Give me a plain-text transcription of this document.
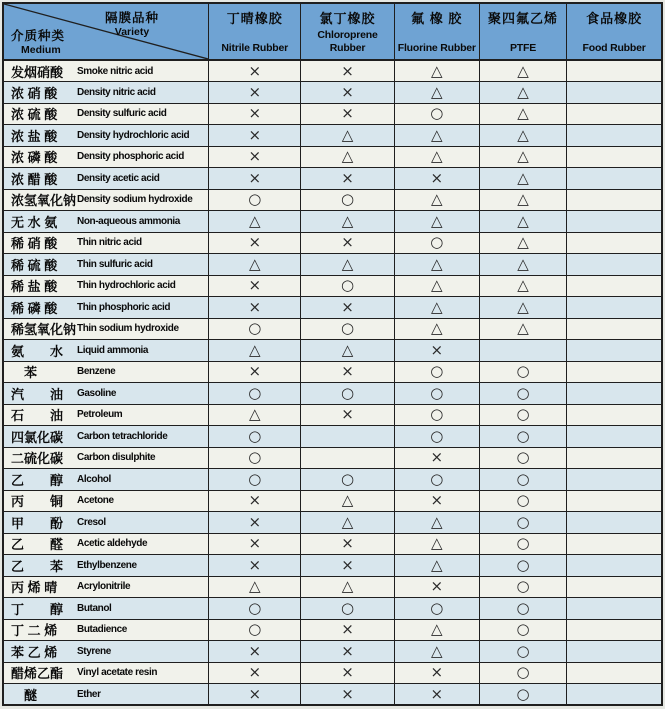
隔膜品种
Variety
介质种类
Medium

丁晴橡胶
Nitrile Rubber

氯丁橡胶
Chloroprene Rubber

氟 橡 胶
Fluorine Rubber

聚四氟乙烯
PTFE

食品橡胶
Food Rubber

发烟硝酸 Smoke nitric acid	×	×	△	△	
浓 硝 酸 Density nitric acid	×	×	△	△	
浓 硫 酸 Density sulfuric acid	×	×	○	△	
浓 盐 酸 Density hydrochloric acid	×	△	△	△	
浓 磷 酸 Density phosphoric acid	×	△	△	△	
浓 醋 酸 Density acetic acid	×	×	×	△	
浓氢氧化钠Density sodium hydroxide	○	○	△	△	
无 水 氨 Non-aqueous ammonia	△	△	△	△	
稀 硝 酸 Thin nitric acid	×	×	○	△	
稀 硫 酸 Thin sulfuric acid	△	△	△	△	
稀 盐 酸 Thin hydrochloric acid	×	○	△	△	
稀 磷 酸 Thin phosphoric acid	×	×	△	△	
稀氢氧化钠Thin sodium hydroxide	○	○	△	△	
氨　　水 Liquid ammonia	△	△	×		
　苯 Benzene	×	×	○	○	
汽　　油 Gasoline	○	○	○	○	
石　　油 Petroleum	△	×	○	○	
四氯化碳 Carbon tetrachloride	○		○	○	
二硫化碳 Carbon disulphite	○		×	○	
乙　　醇 Alcohol	○	○	○	○	
丙　　铜 Acetone	×	△	×	○	
甲　　酚 Cresol	×	△	△	○	
乙　　醛 Acetic aldehyde	×	×	△	○	
乙　　苯 Ethylbenzene	×	×	△	○	
丙 烯 晴 Acrylonitrile	△	△	×	○	
丁　　醇 Butanol	○	○	○	○	
丁 二 烯 Butadience	○	×	△	○	
苯 乙 烯 Styrene	×	×	△	○	
醋烯乙酯 Vinyl acetate resin	×	×	×	○	
　醚 Ether	×	×	×	○	
